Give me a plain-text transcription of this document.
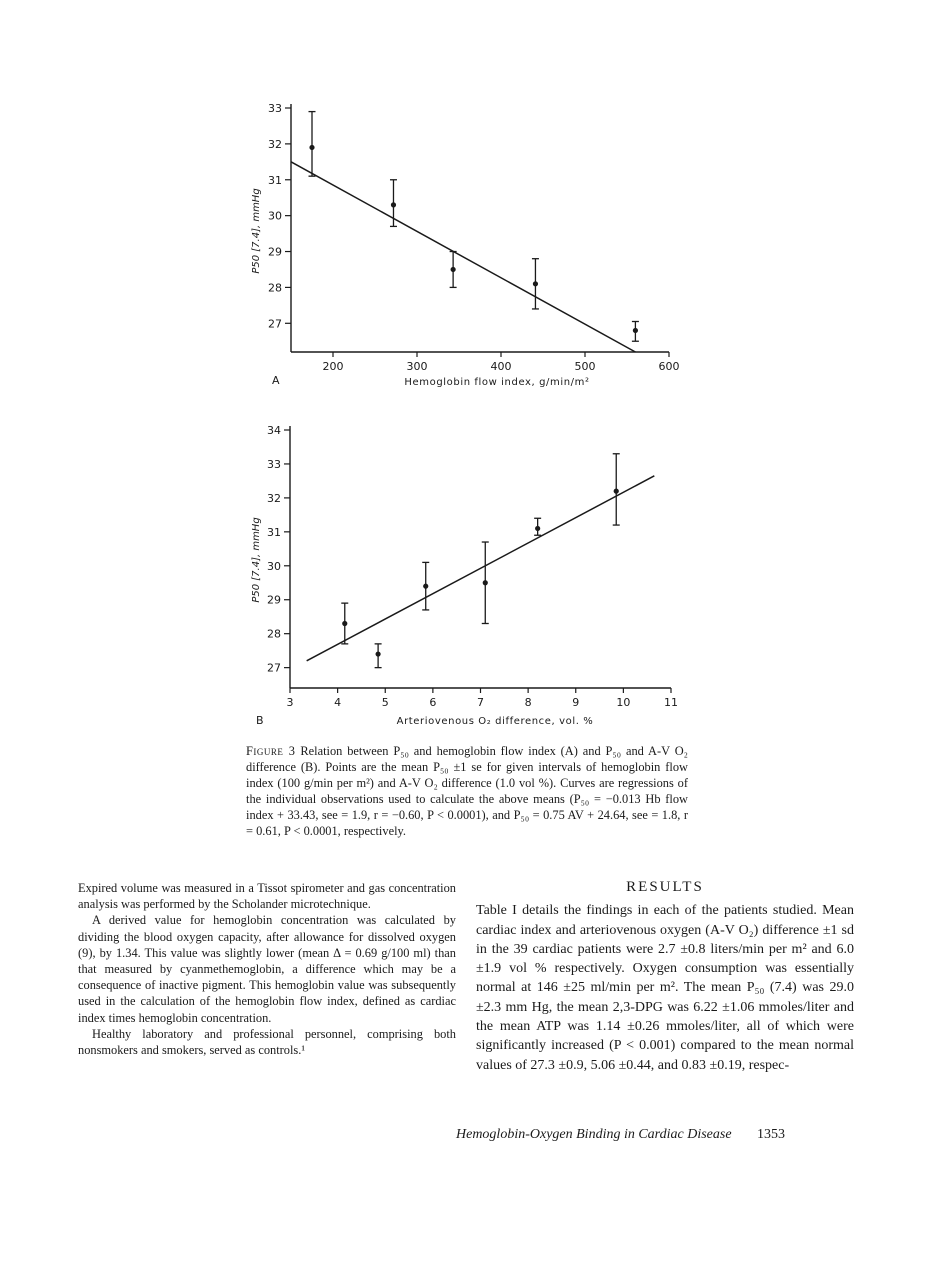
P50 [7.4], mmHg
A	Hemoglobin flow index, g/min/m²
27
28
29
30
31
32
33
200	300	400	500	600
P50 [7.4], mmHg
B	Arteriovenous O₂ difference, vol. %
27
28
29
30
31
32
33
34
3	4	5	6	7	8	9	10	11
Figure 3 Relation between P₅₀ and hemoglobin flow index (A) and P₅₀ and A-V O₂ difference (B). Points are the mean P₅₀ ±1 se for given intervals of hemoglobin flow index (100 g/min per m²) and A-V O₂ difference (1.0 vol %). Curves are regressions of the individual observations used to calculate the above means (P₅₀ = −0.013 Hb flow index + 33.43, see = 1.9, r = −0.60, P < 0.0001), and P₅₀ = 0.75 AV + 24.64, see = 1.8, r = 0.61, P < 0.0001, respectively.

Expired volume was measured in a Tissot spirometer and gas concentration analysis was performed by the Scholander microtechnique.

A derived value for hemoglobin concentration was calculated by dividing the blood oxygen capacity, after allowance for dissolved oxygen (9), by 1.34. This value was slightly lower (mean Δ = 0.69 g/100 ml) than that measured by cyanmethemoglobin, a difference which may be a consequence of inactive pigment. This hemoglobin value was subsequently used in the calculation of the hemoglobin flow index, defined as cardiac index times hemoglobin concentration.

Healthy laboratory and professional personnel, comprising both nonsmokers and smokers, served as controls.¹

RESULTS
Table I details the findings in each of the patients studied. Mean cardiac index and arteriovenous oxygen (A-V O₂) difference ±1 sd in the 39 cardiac patients were 2.7 ±0.8 liters/min per m² and 6.0 ±1.9 vol % respectively. Oxygen consumption was essentially normal at 146 ±25 ml/min per m². The mean P₅₀ (7.4) was 29.0 ±2.3 mm Hg, the mean 2,3-DPG was 6.22 ±1.06 mmoles/liter and the mean ATP was 1.14 ±0.26 mmoles/liter, all of which were significantly increased (P < 0.001) compared to the mean normal values of 27.3 ±0.9, 5.06 ±0.44, and 0.83 ±0.19, respec-
Hemoglobin-Oxygen Binding in Cardiac Disease 1353
